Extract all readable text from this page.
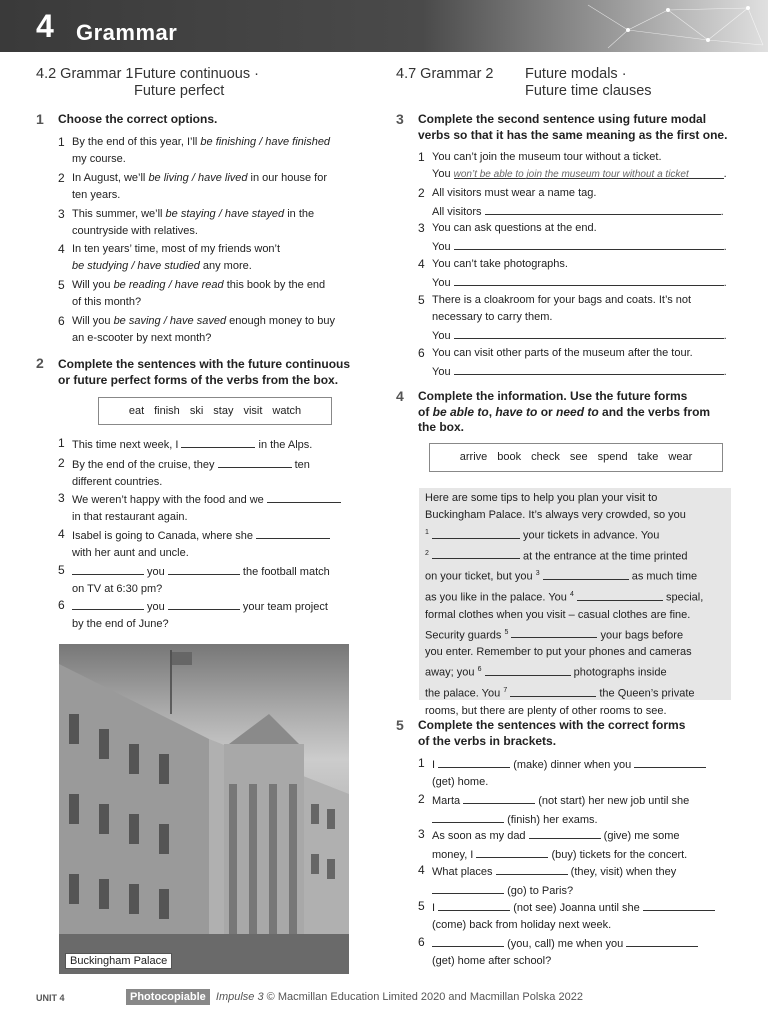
4 Grammar
4.2 Grammar 1Future continuous ·
Future perfect
4.7 Grammar 2 Future modals ·
Future time clauses
1 Choose the correct options.
1 By the end of this year, I’ll be finishing / have finished
my course.
2 In August, we’ll be living / have lived in our house for
ten years.
3 This summer, we’ll be staying / have stayed in the
countryside with relatives.
4 In ten years’ time, most of my friends won’t
be studying / have studied any more.
5 Will you be reading / have read this book by the end
of this month?
6 Will you be saving / have saved enough money to buy
an e-scooter by next month?
2 Complete the sentences with the future continuous
or future perfect forms of the verbs from the box.
eat finish ski stay visit watch
1 This time next week, I	in the Alps.
2 By the end of the cruise, they	ten
different countries.
3 We weren’t happy with the food and we
in that restaurant again.
4 Isabel is going to Canada, where she
with her aunt and uncle.
5	you	the football match
on TV at 6:30 pm?
6	you	your team project
by the end of June?
Buckingham Palace
3 Complete the second sentence using future modal
verbs so that it has the same meaning as the first one.
1 You can’t join the museum tour without a ticket.
You won’t be able to join the museum tour without a ticket	.
2 All visitors must wear a name tag.
All visitors	.
3 You can ask questions at the end.
You	.
4 You can’t take photographs.
You	.
5 There is a cloakroom for your bags and coats. It’s not
necessary to carry them.
You	.
6 You can visit other parts of the museum after the tour.
You	.
4 Complete the information. Use the future forms
of be able to, have to or need to and the verbs from
the box.
arrive book check see spend take wear
Here are some tips to help you plan your visit to
Buckingham Palace. It’s always very crowded, so you
$^1$	your tickets in advance. You
$^2$	at the entrance at the time printed
on your ticket, but you $^3$	as much time
as you like in the palace. You $^4$	special,
formal clothes when you visit – casual clothes are fine.
Security guards $^5$	your bags before
you enter. Remember to put your phones and cameras
away; you $^6$	photographs inside
the palace. You $^7$	the Queen’s private
rooms, but there are plenty of other rooms to see.
5 Complete the sentences with the correct forms
of the verbs in brackets.
1 I	(make) dinner when you
(get) home.
2 Marta	(not start) her new job until she
(finish) her exams.
3 As soon as my dad	(give) me some
money, I	(buy) tickets for the concert.
4 What places	(they, visit) when they
(go) to Paris?
5 I	(not see) Joanna until she
(come) back from holiday next week.
6	(you, call) me when you
(get) home after school?
UNIT 4	Photocopiable Impulse 3 © Macmillan Education Limited 2020 and Macmillan Polska 2022
